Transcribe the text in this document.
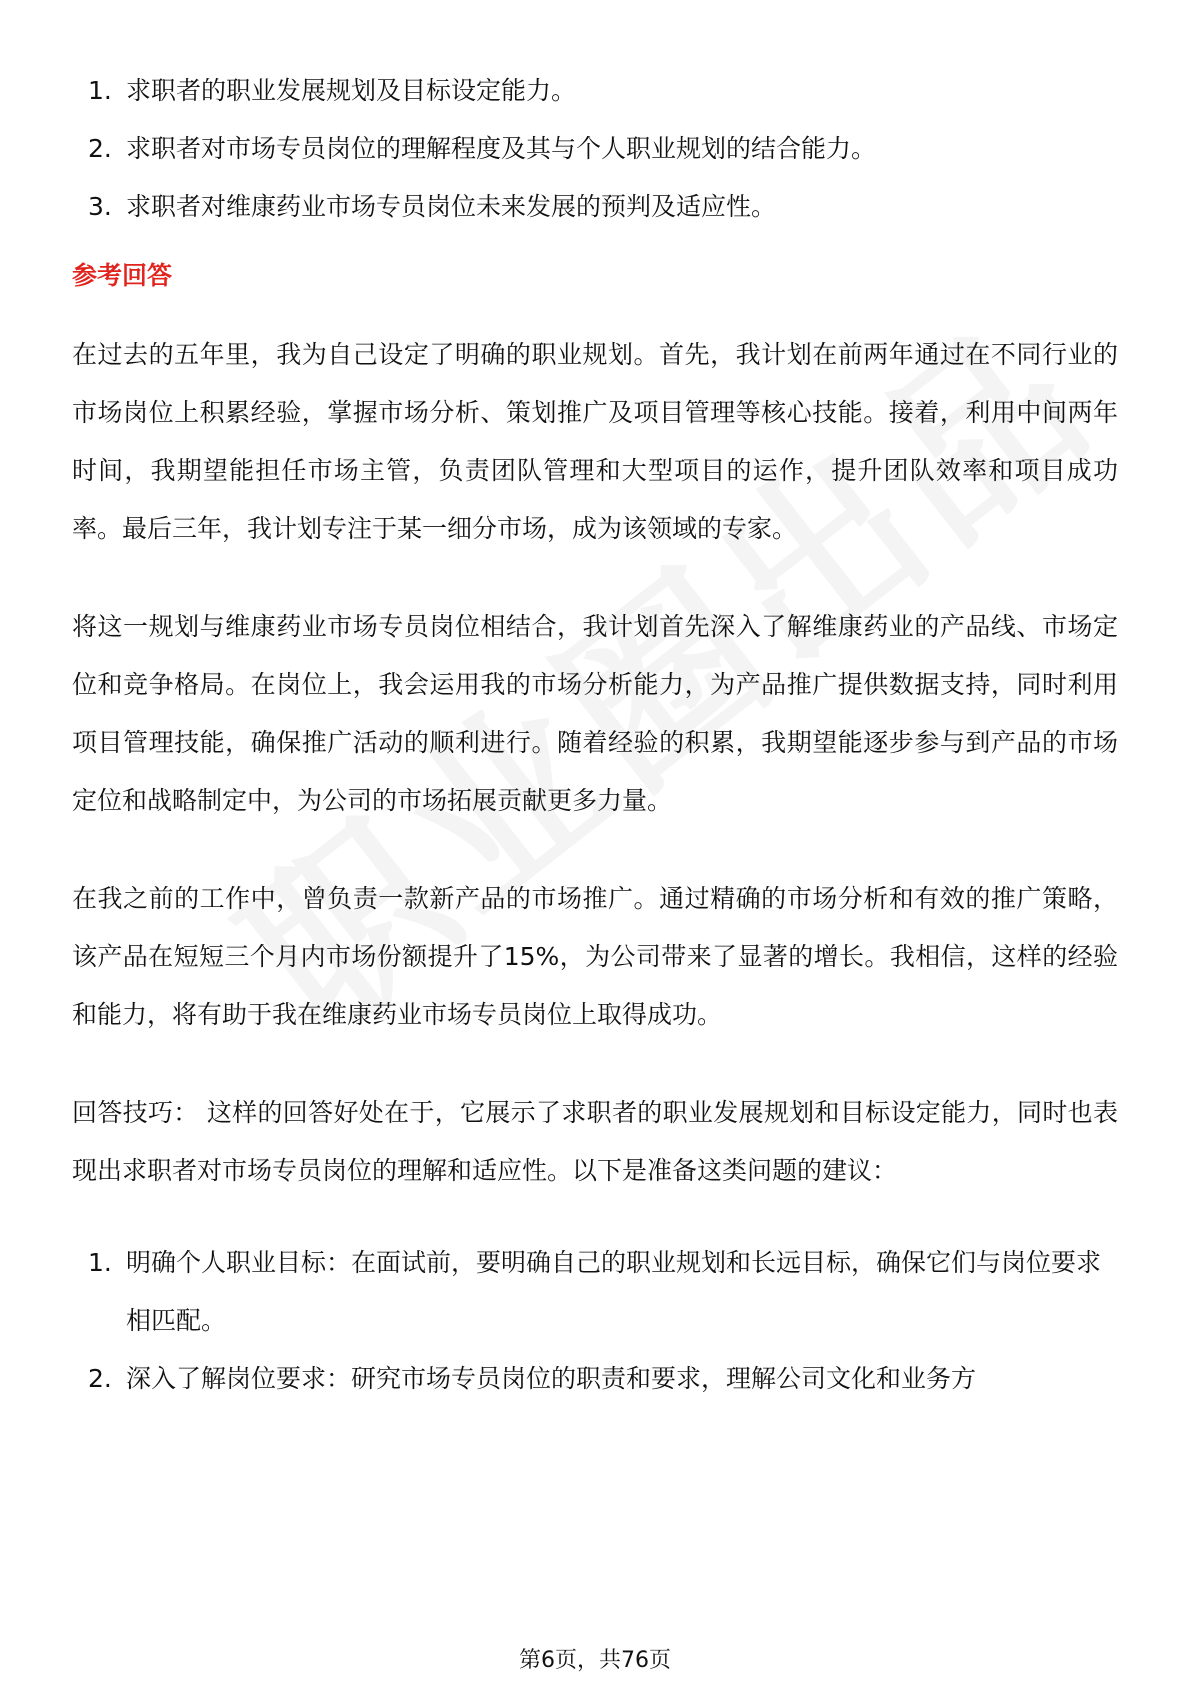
1. 求职者的职业发展规划及目标设定能力。
2. 求职者对市场专员岗位的理解程度及其与个人职业规划的结合能力。
3. 求职者对维康药业市场专员岗位未来发展的预判及适应性。
参考回答

在过去的五年里，我为自己设定了明确的职业规划。首先，我计划在前两年通过在不同行业的市场岗位上积累经验，掌握市场分析、策划推广及项目管理等核心技能。接着，利用中间两年时间，我期望能担任市场主管，负责团队管理和大型项目的运作，提升团队效率和项目成功率。最后三年，我计划专注于某一细分市场，成为该领域的专家。

将这一规划与维康药业市场专员岗位相结合，我计划首先深入了解维康药业的产品线、市场定位和竞争格局。在岗位上，我会运用我的市场分析能力，为产品推广提供数据支持，同时利用项目管理技能，确保推广活动的顺利进行。随着经验的积累，我期望能逐步参与到产品的市场定位和战略制定中，为公司的市场拓展贡献更多力量。

在我之前的工作中，曾负责一款新产品的市场推广。通过精确的市场分析和有效的推广策略，该产品在短短三个月内市场份额提升了15%，为公司带来了显著的增长。我相信，这样的经验和能力，将有助于我在维康药业市场专员岗位上取得成功。

回答技巧： 这样的回答好处在于，它展示了求职者的职业发展规划和目标设定能力，同时也表现出求职者对市场专员岗位的理解和适应性。以下是准备这类问题的建议：

1. 明确个人职业目标：在面试前，要明确自己的职业规划和长远目标，确保它们与岗位要求相匹配。
2. 深入了解岗位要求：研究市场专员岗位的职责和要求，理解公司文化和业务方
第6页，共76页
